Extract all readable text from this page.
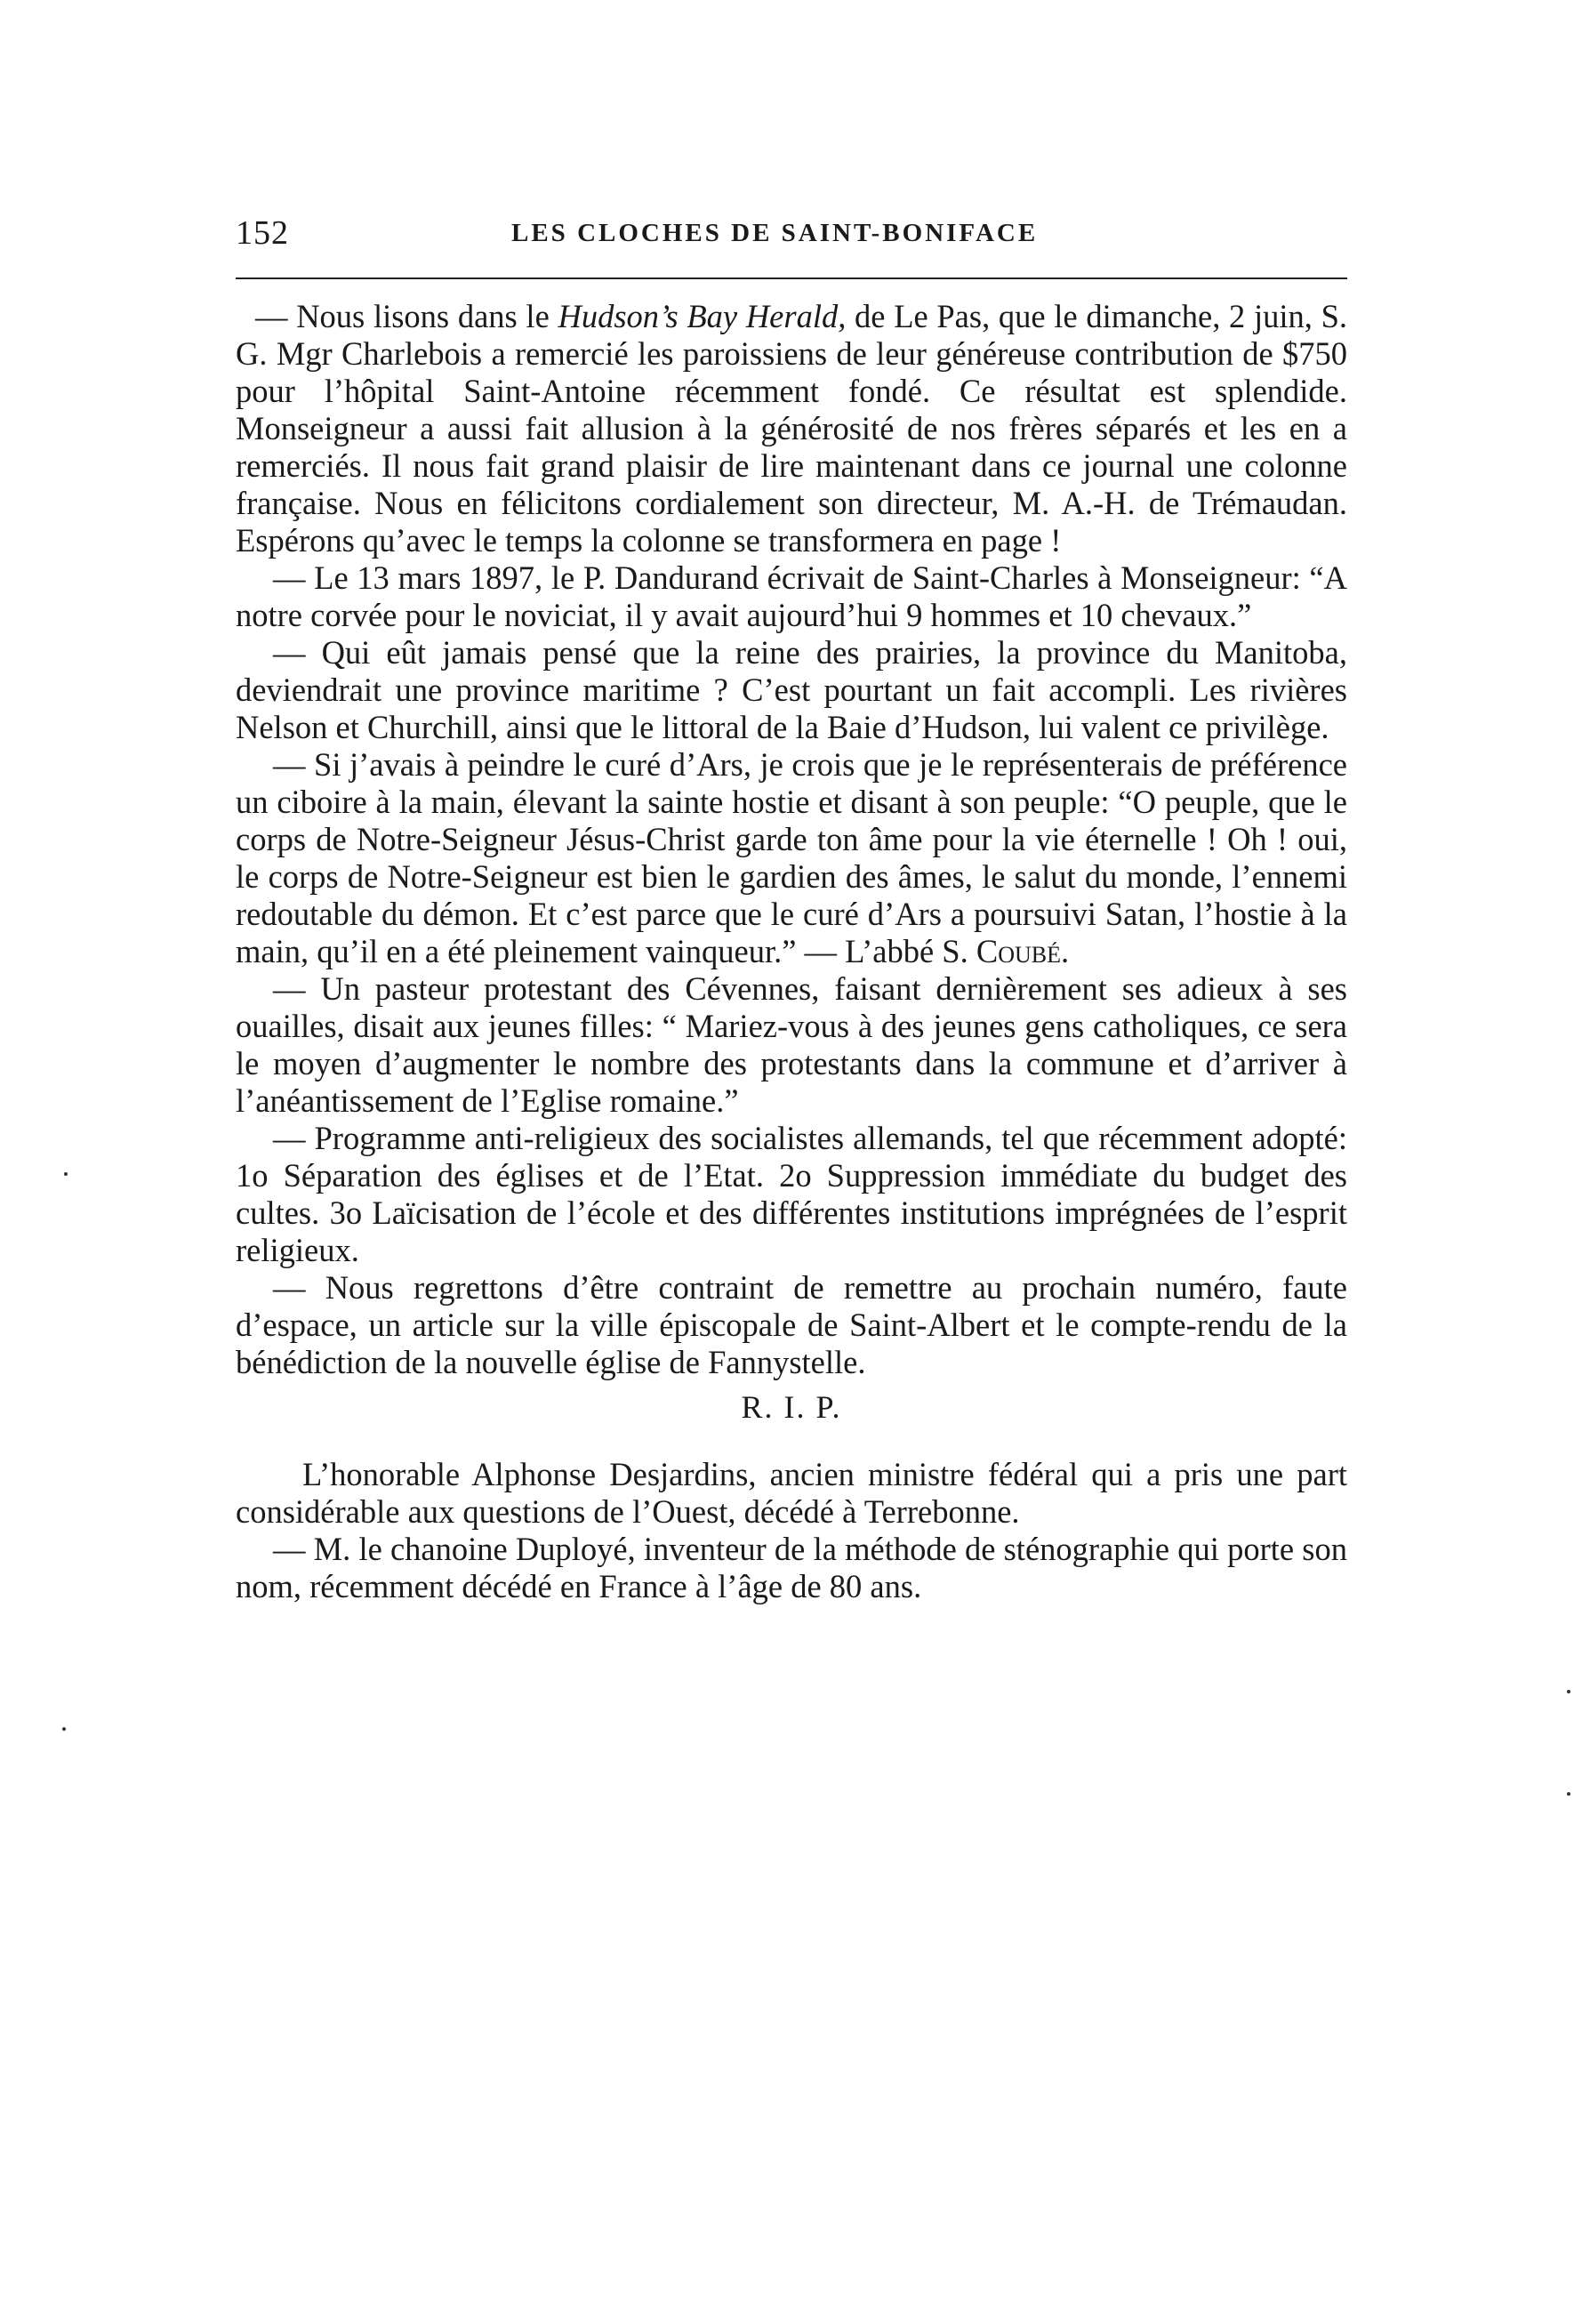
152	LES CLOCHES DE SAINT-BONIFACE

— Nous lisons dans le Hudson’s Bay Herald, de Le Pas, que le dimanche, 2 juin, S. G. Mgr Charlebois a remercié les paroissiens de leur généreuse contribution de $750 pour l’hôpital Saint-Antoine récemment fondé. Ce résultat est splendide. Monseigneur a aussi fait allusion à la générosité de nos frères séparés et les en a remerciés. Il nous fait grand plaisir de lire maintenant dans ce journal une colonne française. Nous en félicitons cordialement son directeur, M. A.-H. de Trémaudan. Espérons qu’avec le temps la colonne se transformera en page !

— Le 13 mars 1897, le P. Dandurand écrivait de Saint-Charles à Monseigneur: “A notre corvée pour le noviciat, il y avait aujourd’hui 9 hommes et 10 chevaux.”

— Qui eût jamais pensé que la reine des prairies, la province du Manitoba, deviendrait une province maritime ? C’est pourtant un fait accompli. Les rivières Nelson et Churchill, ainsi que le littoral de la Baie d’Hudson, lui valent ce privilège.

— Si j’avais à peindre le curé d’Ars, je crois que je le représenterais de préférence un ciboire à la main, élevant la sainte hostie et disant à son peuple: “O peuple, que le corps de Notre-Seigneur Jésus-Christ garde ton âme pour la vie éternelle ! Oh ! oui, le corps de Notre-Seigneur est bien le gardien des âmes, le salut du monde, l’ennemi redoutable du démon. Et c’est parce que le curé d’Ars a poursuivi Satan, l’hostie à la main, qu’il en a été pleinement vainqueur.” — L’abbé S. Coubé.

— Un pasteur protestant des Cévennes, faisant dernièrement ses adieux à ses ouailles, disait aux jeunes filles: “ Mariez-vous à des jeunes gens catholiques, ce sera le moyen d’augmenter le nombre des protestants dans la commune et d’arriver à l’anéantissement de l’Eglise romaine.”

— Programme anti-religieux des socialistes allemands, tel que récemment adopté: 1o Séparation des églises et de l’Etat. 2o Suppression immédiate du budget des cultes. 3o Laïcisation de l’école et des différentes institutions imprégnées de l’esprit religieux.

— Nous regrettons d’être contraint de remettre au prochain numéro, faute d’espace, un article sur la ville épiscopale de Saint-Albert et le compte-rendu de la bénédiction de la nouvelle église de Fannystelle.

R. I. P.

L’honorable Alphonse Desjardins, ancien ministre fédéral qui a pris une part considérable aux questions de l’Ouest, décédé à Terrebonne.

— M. le chanoine Duployé, inventeur de la méthode de sténographie qui porte son nom, récemment décédé en France à l’âge de 80 ans.
